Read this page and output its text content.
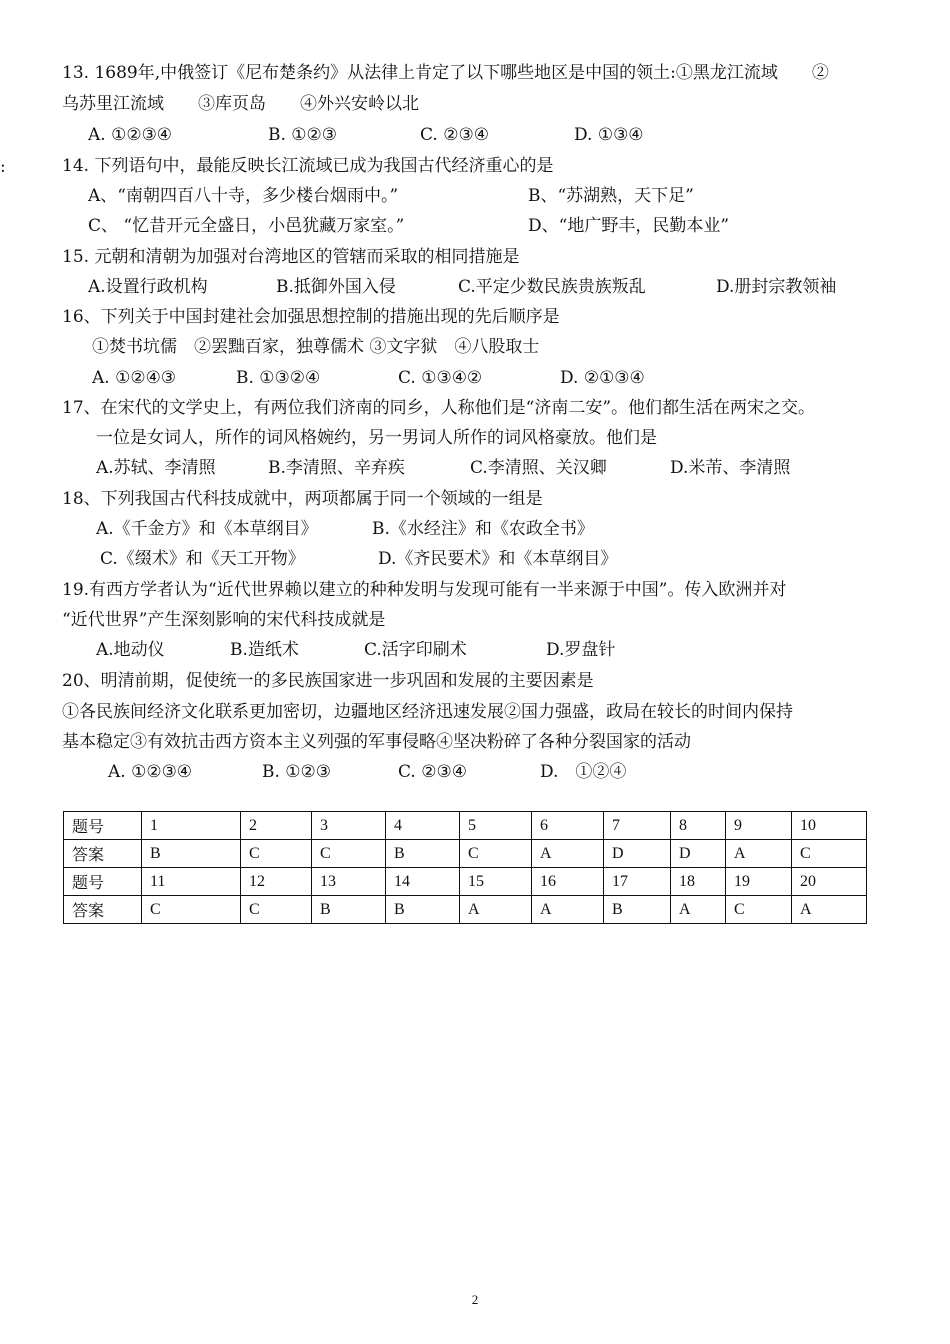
:
13. 1689年,中俄签订《尼布楚条约》从法律上肯定了以下哪些地区是中国的领土:①黑龙江流域　　②
乌苏里江流域　　③库页岛　　④外兴安岭以北
A. ①②③④	B. ①②③	C. ②③④	D. ①③④
14. 下列语句中，最能反映长江流域已成为我国古代经济重心的是
A、“南朝四百八十寺，多少楼台烟雨中。”	B、“苏湖熟，天下足”
C、 “忆昔开元全盛日，小邑犹藏万家室。”	D、“地广野丰，民勤本业”
15. 元朝和清朝为加强对台湾地区的管辖而采取的相同措施是
A.设置行政机构	B.抵御外国入侵	C.平定少数民族贵族叛乱	D.册封宗教领袖
16、下列关于中国封建社会加强思想控制的措施出现的先后顺序是
①焚书坑儒　②罢黜百家，独尊儒术 ③文字狱　④八股取士
A. ①②④③	B. ①③②④	C. ①③④②	D. ②①③④
17、在宋代的文学史上，有两位我们济南的同乡，人称他们是“济南二安”。他们都生活在两宋之交。
一位是女词人，所作的词风格婉约，另一男词人所作的词风格豪放。他们是
A.苏轼、李清照	B.李清照、辛弃疾	C.李清照、关汉卿	D.米芾、李清照
18、下列我国古代科技成就中，两项都属于同一个领域的一组是
A.《千金方》和《本草纲目》	B.《水经注》和《农政全书》
C.《缀术》和《天工开物》	D.《齐民要术》和《本草纲目》
19.有西方学者认为“近代世界赖以建立的种种发明与发现可能有一半来源于中国”。传入欧洲并对
“近代世界”产生深刻影响的宋代科技成就是
A.地动仪	B.造纸术	C.活字印刷术	D.罗盘针
20、明清前期，促使统一的多民族国家进一步巩固和发展的主要因素是
①各民族间经济文化联系更加密切，边疆地区经济迅速发展②国力强盛，政局在较长的时间内保持
基本稳定③有效抗击西方资本主义列强的军事侵略④坚决粉碎了各种分裂国家的活动
A. ①②③④	B. ①②③	C. ②③④	D.　①②④
题号	1	2	3	4	5	6	7	8	9	10
答案	B	C	C	B	C	A	D	D	A	C
题号	11	12	13	14	15	16	17	18	19	20
答案	C	C	B	B	A	A	B	A	C	A
2
